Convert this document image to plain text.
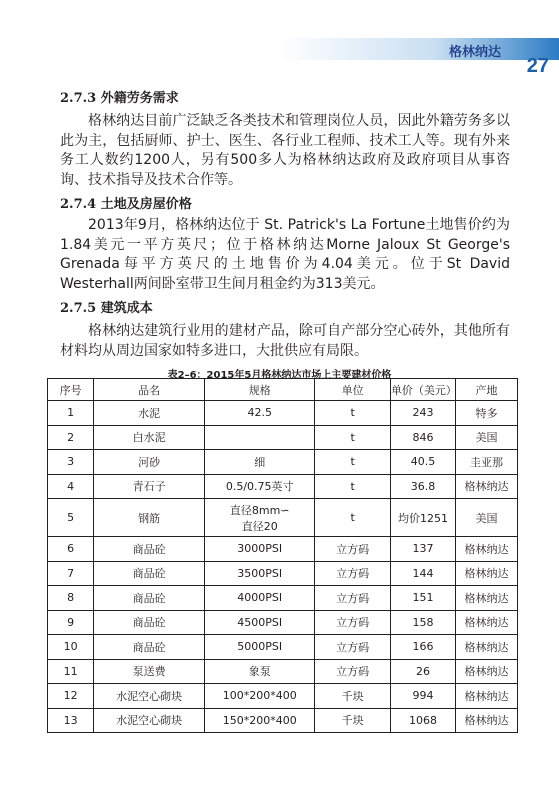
格林纳达
27
2.7.3 外籍劳务需求
格林纳达目前广泛缺乏各类技术和管理岗位人员，因此外籍劳务多以此为主，包括厨师、护士、医生、各行业工程师、技术工人等。现有外来务工人数约1200人，另有500多人为格林纳达政府及政府项目从事咨询、技术指导及技术合作等。
2.7.4 土地及房屋价格
2013年9月，格林纳达位于 St. Patrick's La Fortune土地售价约为1.84美元一平方英尺；位于格林纳达Morne Jaloux St George's Grenada每平方英尺的土地售价为4.04美元。位于St David Westerhall两间卧室带卫生间月租金约为313美元。
2.7.5 建筑成本
格林纳达建筑行业用的建材产品，除可自产部分空心砖外，其他所有材料均从周边国家如特多进口，大批供应有局限。
表2–6：2015年5月格林纳达市场上主要建材价格
序号	品名	规格	单位	单价（美元）	产地
1	水泥	42.5	t	243	特多
2	白水泥		t	846	美国
3	河砂	细	t	40.5	圭亚那
4	青石子	0.5/0.75英寸	t	36.8	格林纳达
5	钢筋	直径8mm∽直径20	t	均价1251	美国
6	商品砼	3000PSI	立方码	137	格林纳达
7	商品砼	3500PSI	立方码	144	格林纳达
8	商品砼	4000PSI	立方码	151	格林纳达
9	商品砼	4500PSI	立方码	158	格林纳达
10	商品砼	5000PSI	立方码	166	格林纳达
11	泵送费	象泵	立方码	26	格林纳达
12	水泥空心砌块	100*200*400	千块	994	格林纳达
13	水泥空心砌块	150*200*400	千块	1068	格林纳达
